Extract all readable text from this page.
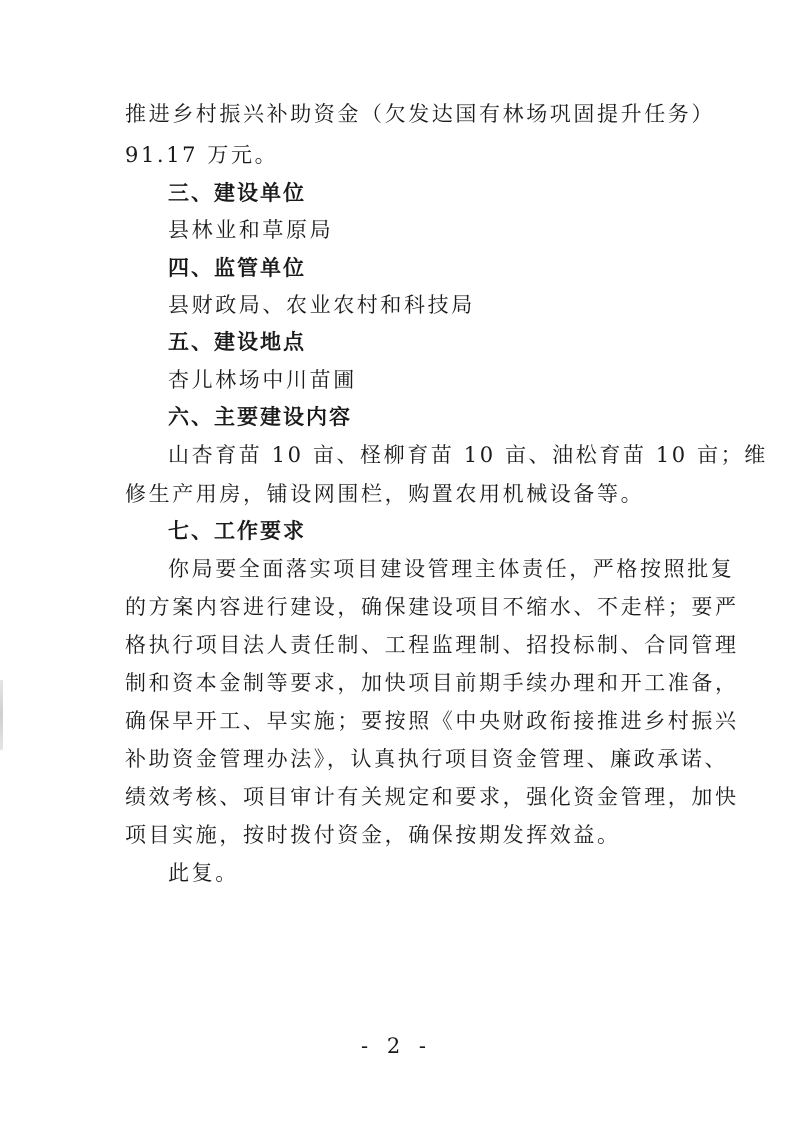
推进乡村振兴补助资金（欠发达国有林场巩固提升任务）
91.17 万元。
三、建设单位
县林业和草原局
四、监管单位
县财政局、农业农村和科技局
五、建设地点
杏儿林场中川苗圃
六、主要建设内容
山杏育苗 10 亩、柽柳育苗 10 亩、油松育苗 10 亩；维
修生产用房，铺设网围栏，购置农用机械设备等。
七、工作要求
你局要全面落实项目建设管理主体责任，严格按照批复
的方案内容进行建设，确保建设项目不缩水、不走样；要严
格执行项目法人责任制、工程监理制、招投标制、合同管理
制和资本金制等要求，加快项目前期手续办理和开工准备，
确保早开工、早实施；要按照《中央财政衔接推进乡村振兴
补助资金管理办法》，认真执行项目资金管理、廉政承诺、
绩效考核、项目审计有关规定和要求，强化资金管理，加快
项目实施，按时拨付资金，确保按期发挥效益。
此复。
- 2 -
